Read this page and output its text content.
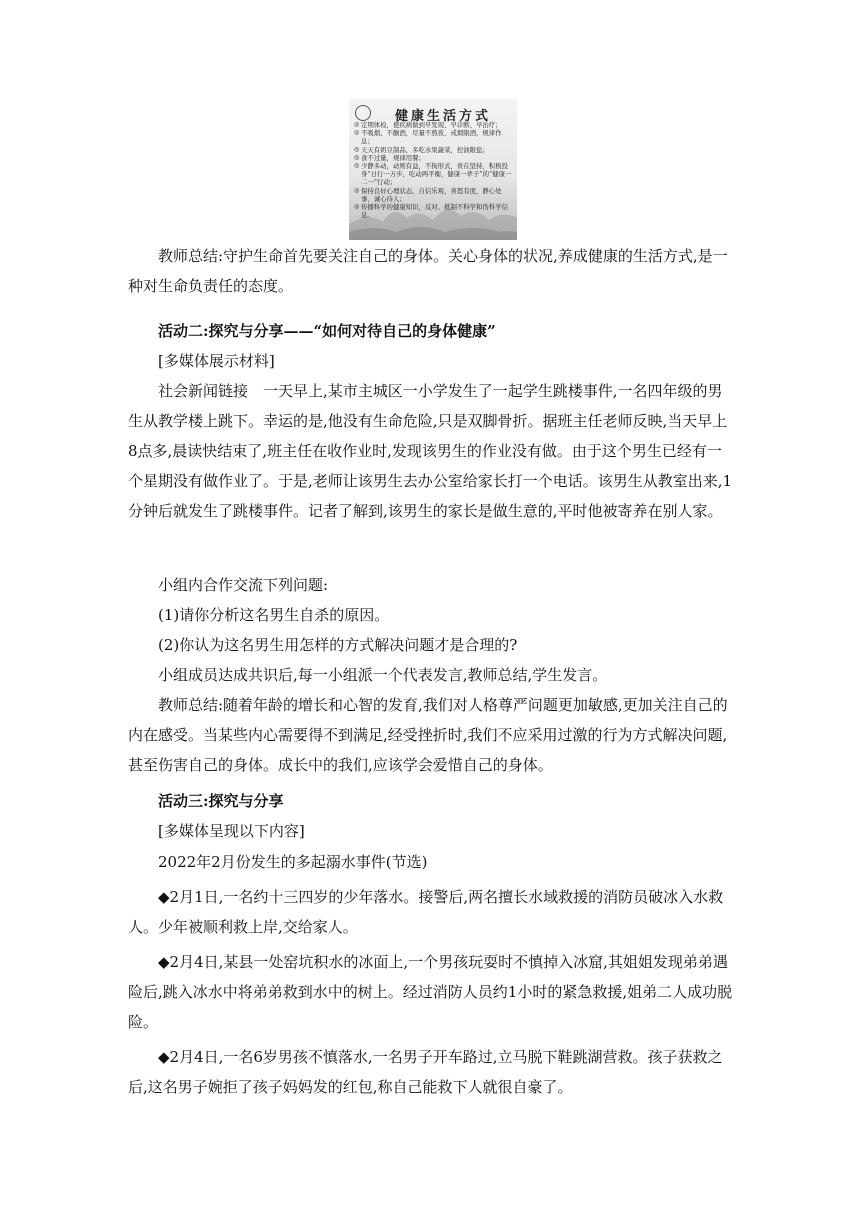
健康生活方式
◎ 定期体检，使疾病做到早发现、早诊断、早治疗；
◎ 不吸烟、不酗酒，尽量不熬夜，戒烟限酒，规律作息；
◎ 天天有奶豆制品，多吃水果蔬菜，控油限盐；
◎ 食不过量，规律用餐；
◎ 少静多动，动则有益，不拘形式，贵在坚持，积极投身“日行一万步，吃动两平衡，健康一辈子”的“健康一二一”行动；
◎ 保持良好心理状态，自信乐观，喜怒有度，静心处事，诚心待人；
◎ 传播科学的健康知识，反对、抵制不科学和伪科学信息。

教师总结:守护生命首先要关注自己的身体。关心身体的状况,养成健康的生活方式,是一种对生命负责任的态度。

活动二:探究与分享——“如何对待自己的身体健康”

[多媒体展示材料]

社会新闻链接　一天早上,某市主城区一小学发生了一起学生跳楼事件,一名四年级的男生从教学楼上跳下。幸运的是,他没有生命危险,只是双脚骨折。据班主任老师反映,当天早上8点多,晨读快结束了,班主任在收作业时,发现该男生的作业没有做。由于这个男生已经有一个星期没有做作业了。于是,老师让该男生去办公室给家长打一个电话。该男生从教室出来,1分钟后就发生了跳楼事件。记者了解到,该男生的家长是做生意的,平时他被寄养在别人家。

小组内合作交流下列问题:

(1)请你分析这名男生自杀的原因。

(2)你认为这名男生用怎样的方式解决问题才是合理的?

小组成员达成共识后,每一小组派一个代表发言,教师总结,学生发言。

教师总结:随着年龄的增长和心智的发育,我们对人格尊严问题更加敏感,更加关注自己的内在感受。当某些内心需要得不到满足,经受挫折时,我们不应采用过激的行为方式解决问题,甚至伤害自己的身体。成长中的我们,应该学会爱惜自己的身体。

活动三:探究与分享

[多媒体呈现以下内容]

2022年2月份发生的多起溺水事件(节选)

◆2月1日,一名约十三四岁的少年落水。接警后,两名擅长水域救援的消防员破冰入水救人。少年被顺利救上岸,交给家人。

◆2月4日,某县一处窑坑积水的冰面上,一个男孩玩耍时不慎掉入冰窟,其姐姐发现弟弟遇险后,跳入冰水中将弟弟救到水中的树上。经过消防人员约1小时的紧急救援,姐弟二人成功脱险。

◆2月4日,一名6岁男孩不慎落水,一名男子开车路过,立马脱下鞋跳湖营救。孩子获救之后,这名男子婉拒了孩子妈妈发的红包,称自己能救下人就很自豪了。
